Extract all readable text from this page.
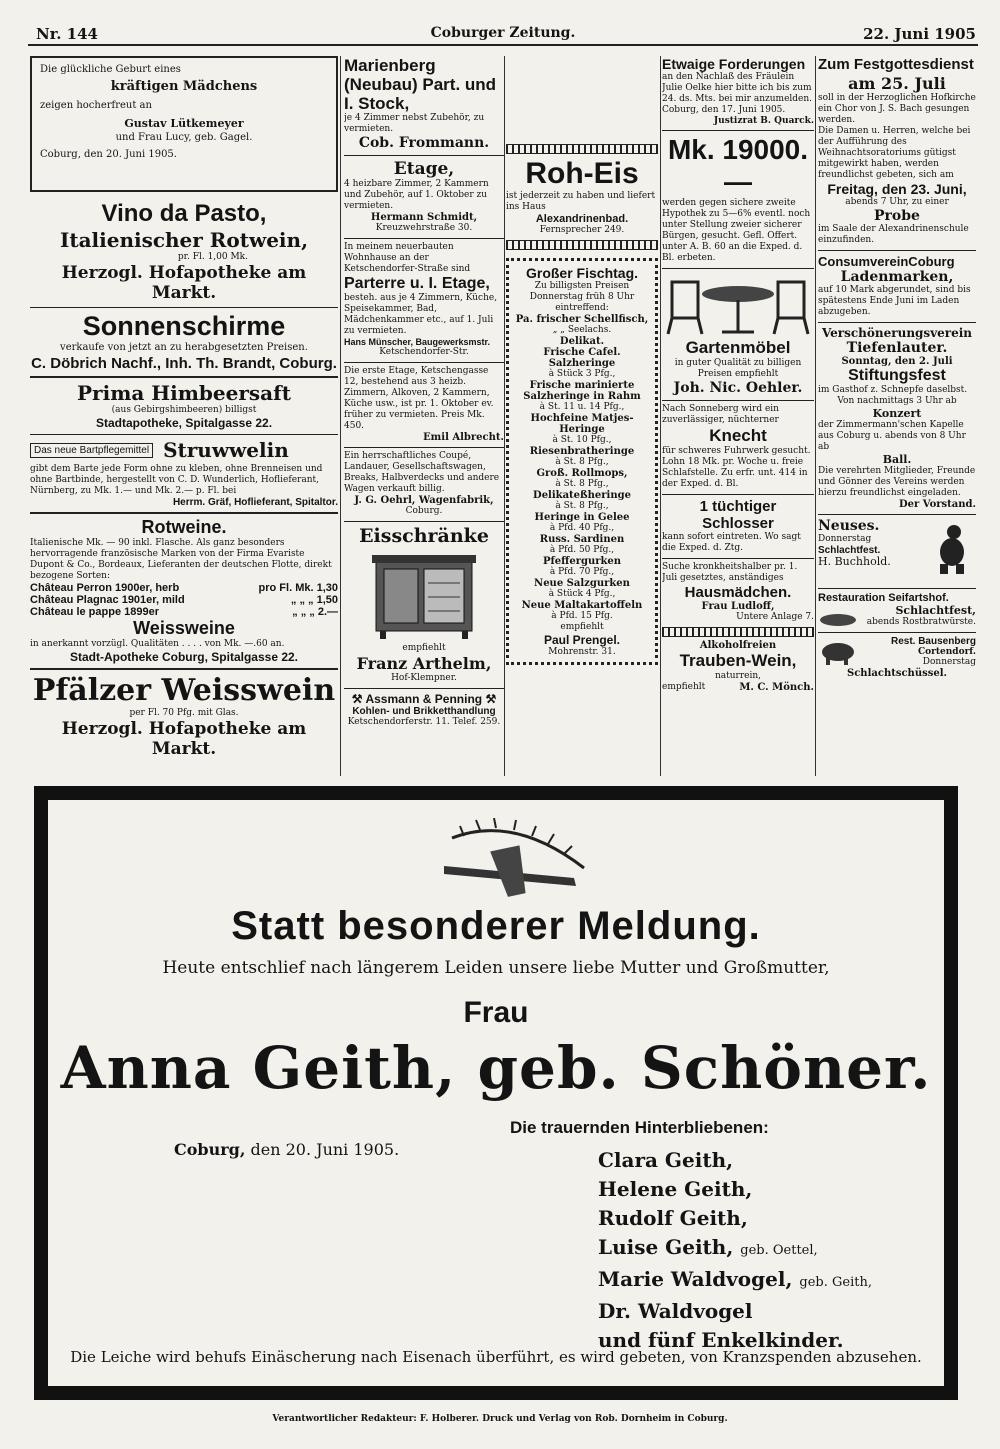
Nr. 144	Coburger Zeitung.	22. Juni 1905
Die glückliche Geburt eines
kräftigen Mädchens
zeigen hocherfreut an
Gustav Lütkemeyer
und Frau Lucy, geb. Gagel.
Coburg, den 20. Juni 1905.
Vino da Pasto,
Italienischer Rotwein,
pr. Fl. 1,00 Mk.
Herzogl. Hofapotheke am Markt.
Sonnenschirme
verkaufe von jetzt an zu herabgesetzten Preisen.
C. Döbrich Nachf., Inh. Th. Brandt, Coburg.
Prima Himbeersaft
(aus Gebirgshimbeeren) billigst
Stadtapotheke, Spitalgasse 22.
Das neue Bartpflegemittel Struwwelin
gibt dem Barte jede Form ohne zu kleben, ohne Brenneisen und ohne Bartbinde, hergestellt von C. D. Wunderlich, Hoflieferant, Nürnberg, zu Mk. 1.— und Mk. 2.— p. Fl. bei
Herrm. Gräf, Hoflieferant, Spitaltor.
Rotweine.
Italienische Mk. — 90 inkl. Flasche. Als ganz besonders hervorragende französische Marken von der Firma Evariste Dupont & Co., Bordeaux, Lieferanten der deutschen Flotte, direkt bezogene Sorten:
Château Perron 1900er, herb	pro Fl. Mk. 1,30
Château Plagnac 1901er, mild	„ „ „ 1,50
Château le pappe 1899er	„ „ „ 2.—
Weissweine
in anerkannt vorzügl. Qualitäten . . . . von Mk. —.60 an.
Stadt-Apotheke Coburg, Spitalgasse 22.
Pfälzer Weisswein
per Fl. 70 Pfg. mit Glas.
Herzogl. Hofapotheke am Markt.
Marienberg (Neubau) Part. und I. Stock,
je 4 Zimmer nebst Zubehör, zu vermieten.
Cob. Frommann.
Etage,
4 heizbare Zimmer, 2 Kammern und Zubehör, auf 1. Oktober zu vermieten.
Hermann Schmidt,
Kreuzwehrstraße 30.
In meinem neuerbauten Wohnhause an der Ketschendorfer-Straße sind
Parterre u. I. Etage,
besteh. aus je 4 Zimmern, Küche, Speisekammer, Bad, Mädchenkammer etc., auf 1. Juli zu vermieten.
Hans Münscher, Baugewerksmstr.
Ketschendorfer-Str.
Die erste Etage, Ketschengasse 12, bestehend aus 3 heizb. Zimmern, Alkoven, 2 Kammern, Küche usw., ist pr. 1. Oktober ev. früher zu vermieten. Preis Mk. 450.
Emil Albrecht.
Ein herrschaftliches Coupé, Landauer, Gesellschaftswagen, Breaks, Halbverdecks und andere Wagen verkauft billig.
J. G. Oehrl, Wagenfabrik,
Coburg.
Eisschränke
empfiehlt
Franz Arthelm,
Hof-Klempner.
⚒ Assmann & Penning ⚒
Kohlen- und Brikketthandlung
Ketschendorferstr. 11. Telef. 259.
Roh-Eis
ist jederzeit zu haben und liefert ins Haus
Alexandrinenbad.
Fernsprecher 249.
Großer Fischtag.
Zu billigsten Preisen Donnerstag früh 8 Uhr eintreffend:
Pa. frischer Schellfisch,
„ „ Seelachs.
Delikat.
Frische Cafel.
Salzheringe
à Stück 3 Pfg.,
Frische marinierte Salzheringe in Rahm
à St. 11 u. 14 Pfg.,
Hochfeine Matjes-Heringe
à St. 10 Pfg.,
Riesenbratheringe
à St. 8 Pfg.,
Groß. Rollmops,
à St. 8 Pfg.,
Delikateßheringe
à St. 8 Pfg.,
Heringe in Gelee
à Pfd. 40 Pfg.,
Russ. Sardinen
à Pfd. 50 Pfg.,
Pfeffergurken
à Pfd. 70 Pfg.,
Neue Salzgurken
à Stück 4 Pfg.,
Neue Maltakartoffeln
à Pfd. 15 Pfg.
empfiehlt
Paul Prengel.
Mohrenstr. 31.
Etwaige Forderungen
an den Nachlaß des Fräulein Julie Oelke hier bitte ich bis zum 24. ds. Mts. bei mir anzumelden.
Coburg, den 17. Juni 1905.
Justizrat B. Quarck.
Mk. 19000.—
werden gegen sichere zweite Hypothek zu 5—6% eventl. noch unter Stellung zweier sicherer Bürgen, gesucht. Gefl. Offert. unter A. B. 60 an die Exped. d. Bl. erbeten.
Gartenmöbel
in guter Qualität zu billigen Preisen empfiehlt
Joh. Nic. Oehler.
Nach Sonneberg wird ein zuverlässiger, nüchterner
Knecht
für schweres Fuhrwerk gesucht. Lohn 18 Mk. pr. Woche u. freie Schlafstelle. Zu erfr. unt. 414 in der Exped. d. Bl.
1 tüchtiger Schlosser
kann sofort eintreten. Wo sagt die Exped. d. Ztg.
Suche kronkheitshalber pr. 1. Juli gesetztes, anständiges
Hausmädchen.
Frau Ludloff,
Untere Anlage 7.
Alkoholfreien
Trauben-Wein,
naturrein,
empfiehlt	M. C. Mönch.
Zum Festgottesdienst
am 25. Juli
soll in der Herzoglichen Hofkirche ein Chor von J. S. Bach gesungen werden.
Die Damen u. Herren, welche bei der Aufführung des Weihnachtsoratoriums gütigst mitgewirkt haben, werden freundlichst gebeten, sich am
Freitag, den 23. Juni,
abends 7 Uhr, zu einer
Probe
im Saale der Alexandrinenschule einzufinden.
ConsumvereinCoburg
Ladenmarken,
auf 10 Mark abgerundet, sind bis spätestens Ende Juni im Laden abzugeben.
Verschönerungsverein
Tiefenlauter.
Sonntag, den 2. Juli
Stiftungsfest
im Gasthof z. Schnepfe daselbst.
Von nachmittags 3 Uhr ab
Konzert
der Zimmermann'schen Kapelle aus Coburg u. abends von 8 Uhr ab
Ball.
Die verehrten Mitglieder, Freunde und Gönner des Vereins werden hierzu freundlichst eingeladen.
Der Vorstand.
Neuses.
Donnerstag
Schlachtfest.
H. Buchhold.
Restauration Seifartshof.
Schlachtfest,
abends Rostbratwürste.
Rest. Bausenberg
Cortendorf.
Donnerstag
Schlachtschüssel.
Statt besonderer Meldung.
Heute entschlief nach längerem Leiden unsere liebe Mutter und Großmutter,
Frau
Anna Geith, geb. Schöner.
Die trauernden Hinterbliebenen:
Coburg, den 20. Juni 1905.	Clara Geith,
Helene Geith,
Rudolf Geith,
Luise Geith, geb. Oettel,
Marie Waldvogel, geb. Geith,
Dr. Waldvogel
und fünf Enkelkinder.
Die Leiche wird behufs Einäscherung nach Eisenach überführt, es wird gebeten, von Kranzspenden abzusehen.
Verantwortlicher Redakteur: F. Holberer. Druck und Verlag von Rob. Dornheim in Coburg.
